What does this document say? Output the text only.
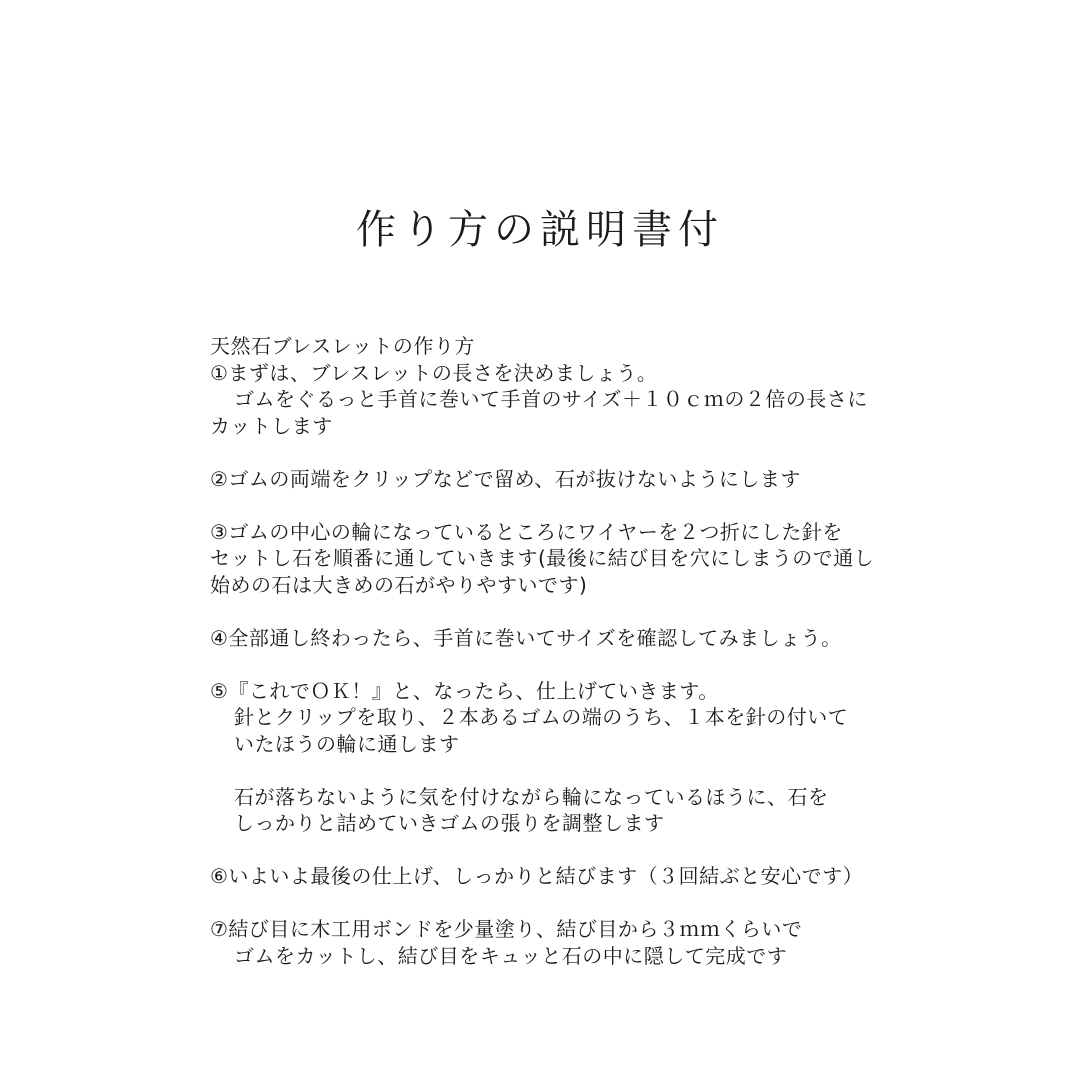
作り方の説明書付
天然石ブレスレットの作り方
①まずは、ブレスレットの長さを決めましょう。
ゴムをぐるっと手首に巻いて手首のサイズ＋１０ｃｍの２倍の長さに
カットします
②ゴムの両端をクリップなどで留め、石が抜けないようにします
③ゴムの中心の輪になっているところにワイヤーを２つ折にした針を
セットし石を順番に通していきます(最後に結び目を穴にしまうので通し
始めの石は大きめの石がやりやすいです)
④全部通し終わったら、手首に巻いてサイズを確認してみましょう。
⑤『これでＯＫ！』と、なったら、仕上げていきます。
針とクリップを取り、２本あるゴムの端のうち、１本を針の付いて
いたほうの輪に通します
石が落ちないように気を付けながら輪になっているほうに、石を
しっかりと詰めていきゴムの張りを調整します
⑥いよいよ最後の仕上げ、しっかりと結びます（３回結ぶと安心です）
⑦結び目に木工用ボンドを少量塗り、結び目から３ｍｍくらいで
ゴムをカットし、結び目をキュッと石の中に隠して完成です
